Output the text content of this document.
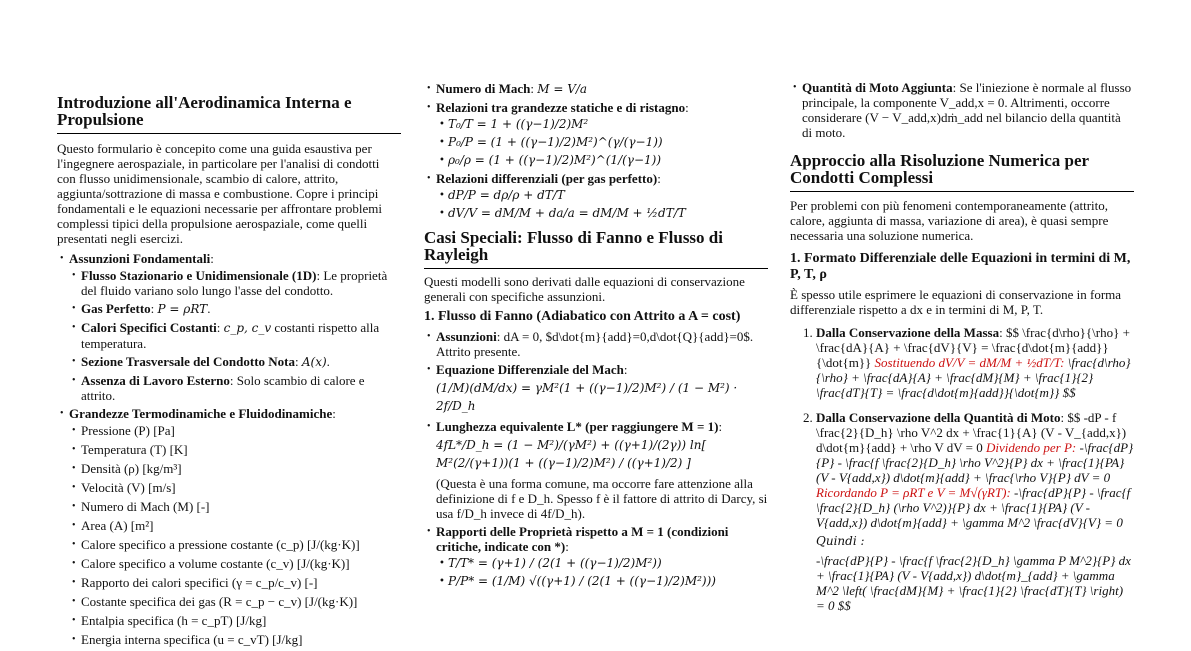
Introduzione all'Aerodinamica Interna e Propulsione

Questo formulario è concepito come una guida esaustiva per l'ingegnere aerospaziale, in particolare per l'analisi di condotti con flusso unidimensionale, scambio di calore, attrito, aggiunta/sottrazione di massa e combustione. Copre i principi fondamentali e le equazioni necessarie per affrontare problemi complessi tipici della propulsione aerospaziale, come quelli presentati negli esercizi.

• Assunzioni Fondamentali:
• Flusso Stazionario e Unidimensionale (1D): Le proprietà del fluido variano solo lungo l'asse del condotto.
• Gas Perfetto: P = ρRT.
• Calori Specifici Costanti: c_p, c_v costanti rispetto alla temperatura.
• Sezione Trasversale del Condotto Nota: A(x).
• Assenza di Lavoro Esterno: Solo scambio di calore e attrito.
• Grandezze Termodinamiche e Fluidodinamiche:
• Pressione (P) [Pa]
• Temperatura (T) [K]
• Densità (ρ) [kg/m³]
• Velocità (V) [m/s]
• Numero di Mach (M) [-]
• Area (A) [m²]
• Calore specifico a pressione costante (c_p) [J/(kg·K)]
• Calore specifico a volume costante (c_v) [J/(kg·K)]
• Rapporto dei calori specifici (γ = c_p/c_v) [-]
• Costante specifica dei gas (R = c_p − c_v) [J/(kg·K)]
• Entalpia specifica (h = c_pT) [J/kg]
• Energia interna specifica (u = c_vT) [J/kg]
• Numero di Mach: M = V/a
• Relazioni tra grandezze statiche e di ristagno:
• T₀/T = 1 + ((γ−1)/2)M²
• P₀/P = (1 + ((γ−1)/2)M²)^(γ/(γ−1))
• ρ₀/ρ = (1 + ((γ−1)/2)M²)^(1/(γ−1))
• Relazioni differenziali (per gas perfetto):
• dP/P = dρ/ρ + dT/T
• dV/V = dM/M + da/a = dM/M + ½dT/T
Casi Speciali: Flusso di Fanno e Flusso di Rayleigh

Questi modelli sono derivati dalle equazioni di conservazione generali con specifiche assunzioni.

1. Flusso di Fanno (Adiabatico con Attrito a A = cost)
• Assunzioni: dA = 0, $d\dot{m}{add}=0,d\dot{Q}{add}=0$. Attrito presente.
• Equazione Differenziale del Mach:
(1/M)(dM/dx) = γM²(1 + ((γ−1)/2)M²) / (1 − M²) · 2f/D_h
• Lunghezza equivalente L* (per raggiungere M = 1):
4fL*/D_h = (1 − M²)/(γM²) + ((γ+1)/(2γ)) ln[ M²(2/(γ+1))(1 + ((γ−1)/2)M²) / ((γ+1)/2) ]
(Questa è una forma comune, ma occorre fare attenzione alla definizione di f e D_h. Spesso f è il fattore di attrito di Darcy, si usa f/D_h invece di 4f/D_h).
• Rapporti delle Proprietà rispetto a M = 1 (condizioni critiche, indicate con *):
• T/T* = (γ+1) / (2(1 + ((γ−1)/2)M²))
• P/P* = (1/M) √((γ+1) / (2(1 + ((γ−1)/2)M²)))
• Quantità di Moto Aggiunta: Se l'iniezione è normale al flusso principale, la componente V_add,x = 0. Altrimenti, occorre considerare (V − V_add,x)dṁ_add nel bilancio della quantità di moto.
Approccio alla Risoluzione Numerica per Condotti Complessi

Per problemi con più fenomeni contemporaneamente (attrito, calore, aggiunta di massa, variazione di area), è quasi sempre necessaria una soluzione numerica.

1. Formato Differenziale delle Equazioni in termini di M, P, T, ρ

È spesso utile esprimere le equazioni di conservazione in forma differenziale rispetto a dx e in termini di M, P, T.

1. Dalla Conservazione della Massa: $$ \frac{d\rho}{\rho} + \frac{dA}{A} + \frac{dV}{V} = \frac{d\dot{m}{add}}{\dot{m}} Sostituendo dV/V = dM/M + ½dT/T: \frac{d\rho}{\rho} + \frac{dA}{A} + \frac{dM}{M} + \frac{1}{2} \frac{dT}{T} = \frac{d\dot{m}{add}}{\dot{m}} $$
2. Dalla Conservazione della Quantità di Moto: $$ -dP - f \frac{2}{D_h} \rho V^2 dx + \frac{1}{A} (V - V_{add,x}) d\dot{m}{add} + \rho V dV = 0 Dividendo per P: -\frac{dP}{P} - \frac{f \frac{2}{D_h} \rho V^2}{P} dx + \frac{1}{PA} (V - V{add,x}) d\dot{m}{add} + \frac{\rho V}{P} dV = 0 Ricordando P = ρRT e V = M√(γRT): -\frac{dP}{P} - \frac{f \frac{2}{D_h} (\rho V^2)}{P} dx + \frac{1}{PA} (V - V{add,x}) d\dot{m}{add} + \gamma M^2 \frac{dV}{V} = 0
Quindi :
-\frac{dP}{P} - \frac{f \frac{2}{D_h} \gamma P M^2}{P} dx + \frac{1}{PA} (V - V{add,x}) d\dot{m}_{add} + \gamma M^2 \left( \frac{dM}{M} + \frac{1}{2} \frac{dT}{T} \right) = 0 $$
